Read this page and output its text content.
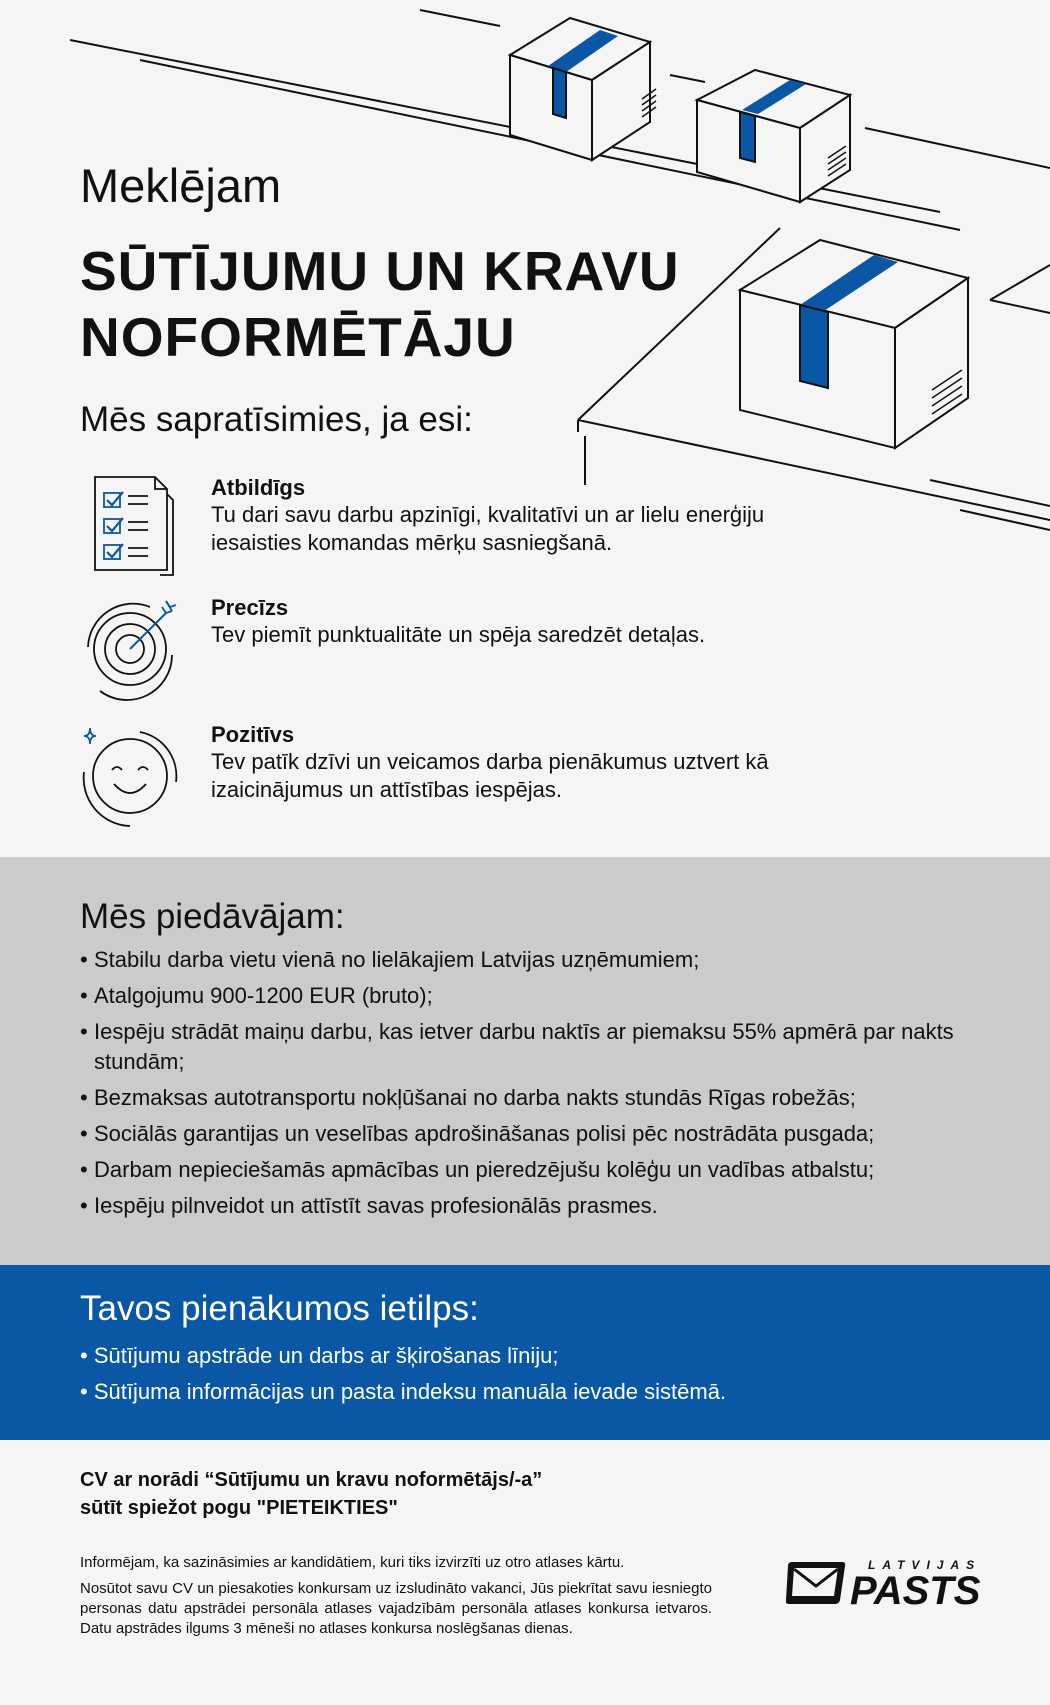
Meklējam
SŪTĪJUMU UN KRAVU
NOFORMĒTĀJU
Mēs sapratīsimies, ja esi:
Atbildīgs
Tu dari savu darbu apzinīgi, kvalitatīvi un ar lielu enerģiju iesaisties komandas mērķu sasniegšanā.
Precīzs
Tev piemīt punktualitāte un spēja saredzēt detaļas.
Pozitīvs
Tev patīk dzīvi un veicamos darba pienākumus uztvert kā izaicinājumus un attīstības iespējas.
Mēs piedāvājam:
• Stabilu darba vietu vienā no lielākajiem Latvijas uzņēmumiem;
• Atalgojumu 900-1200 EUR (bruto);
• Iespēju strādāt maiņu darbu, kas ietver darbu naktīs ar piemaksu 55% apmērā par nakts stundām;
• Bezmaksas autotransportu nokļūšanai no darba nakts stundās Rīgas robežās;
• Sociālās garantijas un veselības apdrošināšanas polisi pēc nostrādāta pusgada;
• Darbam nepieciešamās apmācības un pieredzējušu kolēģu un vadības atbalstu;
• Iespēju pilnveidot un attīstīt savas profesionālās prasmes.
Tavos pienākumos ietilps:
• Sūtījumu apstrāde un darbs ar šķirošanas līniju;
• Sūtījuma informācijas un pasta indeksu manuāla ievade sistēmā.
CV ar norādi “Sūtījumu un kravu noformētājs/-a”
sūtīt spiežot pogu "PIETEIKTIES"

Informējam, ka sazināsimies ar kandidātiem, kuri tiks izvirzīti uz otro atlases kārtu.

Nosūtot savu CV un piesakoties konkursam uz izsludināto vakanci, Jūs piekrītat savu iesniegto personas datu apstrādei personāla atlases vajadzībām personāla atlases konkursa ietvaros. Datu apstrādes ilgums 3 mēneši no atlases konkursa noslēgšanas dienas.

LATVIJAS
PASTS
